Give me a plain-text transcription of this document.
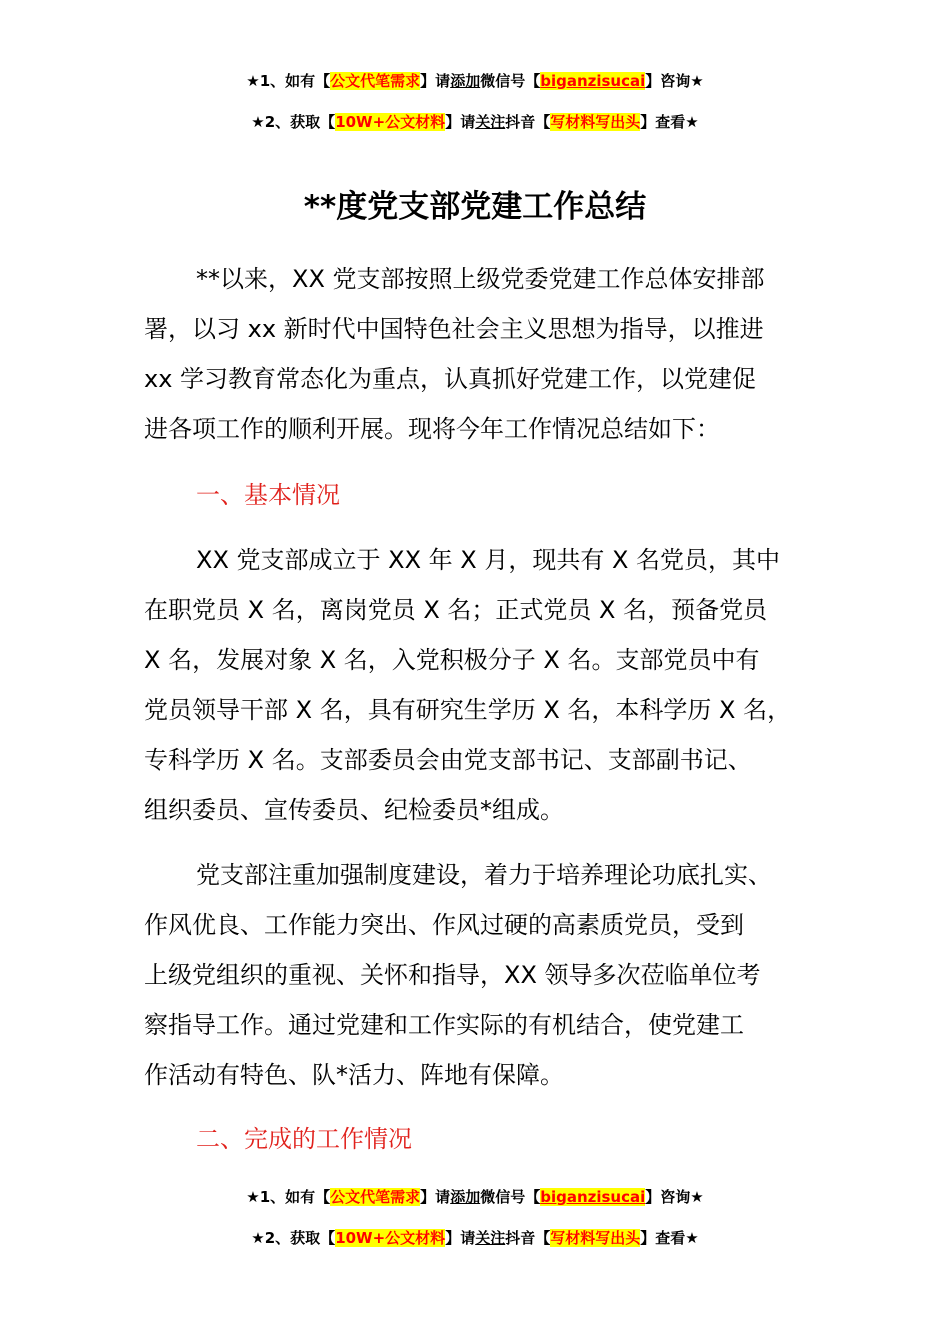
★1、如有【公文代笔需求】请添加微信号【biganzisucai】咨询★
★2、获取【10W+公文材料】请关注抖音【写材料写出头】查看★
**度党支部党建工作总结
**以来，XX 党支部按照上级党委党建工作总体安排部
署，以习 xx 新时代中国特色社会主义思想为指导，以推进
xx 学习教育常态化为重点，认真抓好党建工作，以党建促
进各项工作的顺利开展。现将今年工作情况总结如下：
一、基本情况
XX 党支部成立于 XX 年 X 月，现共有 X 名党员，其中
在职党员 X 名，离岗党员 X 名；正式党员 X 名，预备党员
X 名，发展对象 X 名，入党积极分子 X 名。支部党员中有
党员领导干部 X 名，具有研究生学历 X 名，本科学历 X 名，
专科学历 X 名。支部委员会由党支部书记、支部副书记、
组织委员、宣传委员、纪检委员*组成。
党支部注重加强制度建设，着力于培养理论功底扎实、
作风优良、工作能力突出、作风过硬的高素质党员，受到
上级党组织的重视、关怀和指导，XX 领导多次莅临单位考
察指导工作。通过党建和工作实际的有机结合，使党建工
作活动有特色、队*活力、阵地有保障。
二、完成的工作情况
★1、如有【公文代笔需求】请添加微信号【biganzisucai】咨询★
★2、获取【10W+公文材料】请关注抖音【写材料写出头】查看★
